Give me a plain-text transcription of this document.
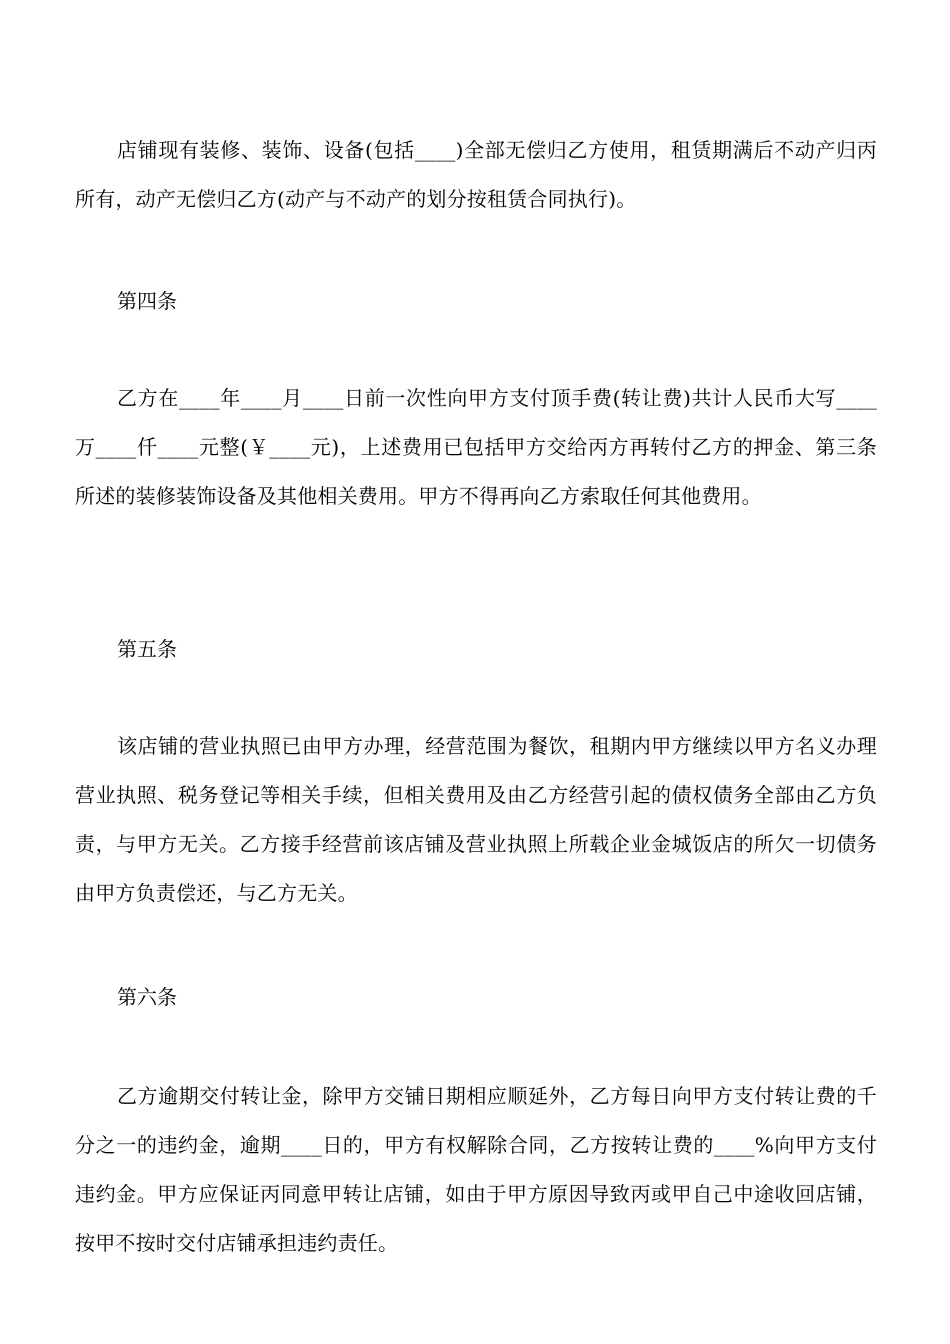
店铺现有装修、装饰、设备(包括____)全部无偿归乙方使用，租赁期满后不动产归丙所有，动产无偿归乙方(动产与不动产的划分按租赁合同执行)。

第四条

乙方在____年____月____日前一次性向甲方支付顶手费(转让费)共计人民币大写____万____仟____元整(￥____元)，上述费用已包括甲方交给丙方再转付乙方的押金、第三条所述的装修装饰设备及其他相关费用。甲方不得再向乙方索取任何其他费用。

第五条

该店铺的营业执照已由甲方办理，经营范围为餐饮，租期内甲方继续以甲方名义办理营业执照、税务登记等相关手续，但相关费用及由乙方经营引起的债权债务全部由乙方负责，与甲方无关。乙方接手经营前该店铺及营业执照上所载企业金城饭店的所欠一切债务由甲方负责偿还，与乙方无关。

第六条

乙方逾期交付转让金，除甲方交铺日期相应顺延外，乙方每日向甲方支付转让费的千分之一的违约金，逾期____日的，甲方有权解除合同，乙方按转让费的____%向甲方支付违约金。甲方应保证丙同意甲转让店铺，如由于甲方原因导致丙或甲自己中途收回店铺，按甲不按时交付店铺承担违约责任。
